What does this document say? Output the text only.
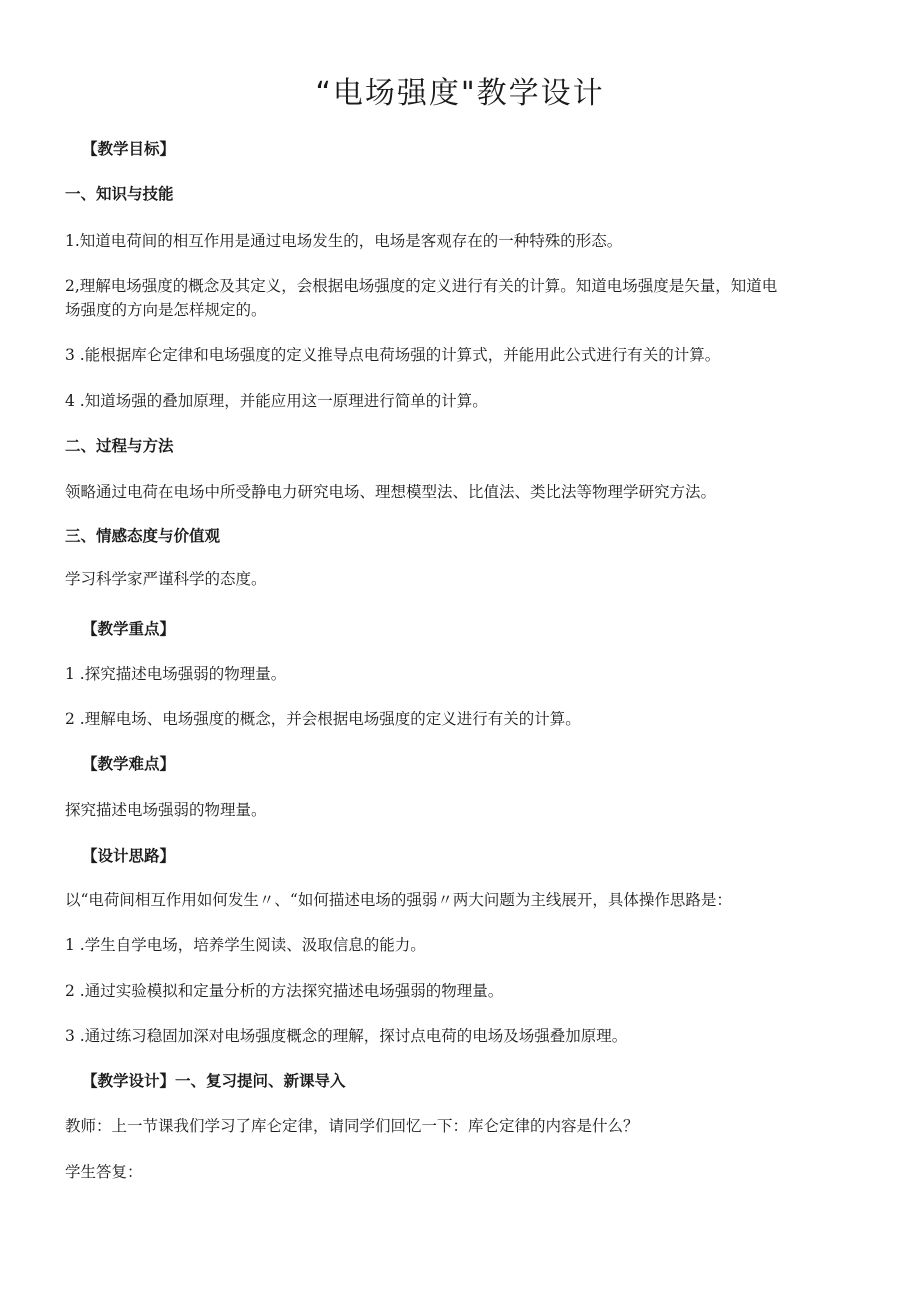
“电场强度"教学设计
【教学目标】
一、知识与技能
1.知道电荷间的相互作用是通过电场发生的，电场是客观存在的一种特殊的形态。
2,理解电场强度的概念及其定义，会根据电场强度的定义进行有关的计算。知道电场强度是矢量，知道电
场强度的方向是怎样规定的。
3 .能根据库仑定律和电场强度的定义推导点电荷场强的计算式，并能用此公式进行有关的计算。
4 .知道场强的叠加原理，并能应用这一原理进行简单的计算。
二、过程与方法
领略通过电荷在电场中所受静电力研究电场、理想模型法、比值法、类比法等物理学研究方法。
三、情感态度与价值观
学习科学家严谨科学的态度。
【教学重点】
1 .探究描述电场强弱的物理量。
2 .理解电场、电场强度的概念，并会根据电场强度的定义进行有关的计算。
【教学难点】
探究描述电场强弱的物理量。
【设计思路】
以“电荷间相互作用如何发生〃、“如何描述电场的强弱〃两大问题为主线展开，具体操作思路是：
1 .学生自学电场，培养学生阅读、汲取信息的能力。
2 .通过实验模拟和定量分析的方法探究描述电场强弱的物理量。
3 .通过练习稳固加深对电场强度概念的理解，探讨点电荷的电场及场强叠加原理。
【教学设计】一、复习提问、新课导入
教师：上一节课我们学习了库仑定律，请同学们回忆一下：库仑定律的内容是什么？
学生答复：
